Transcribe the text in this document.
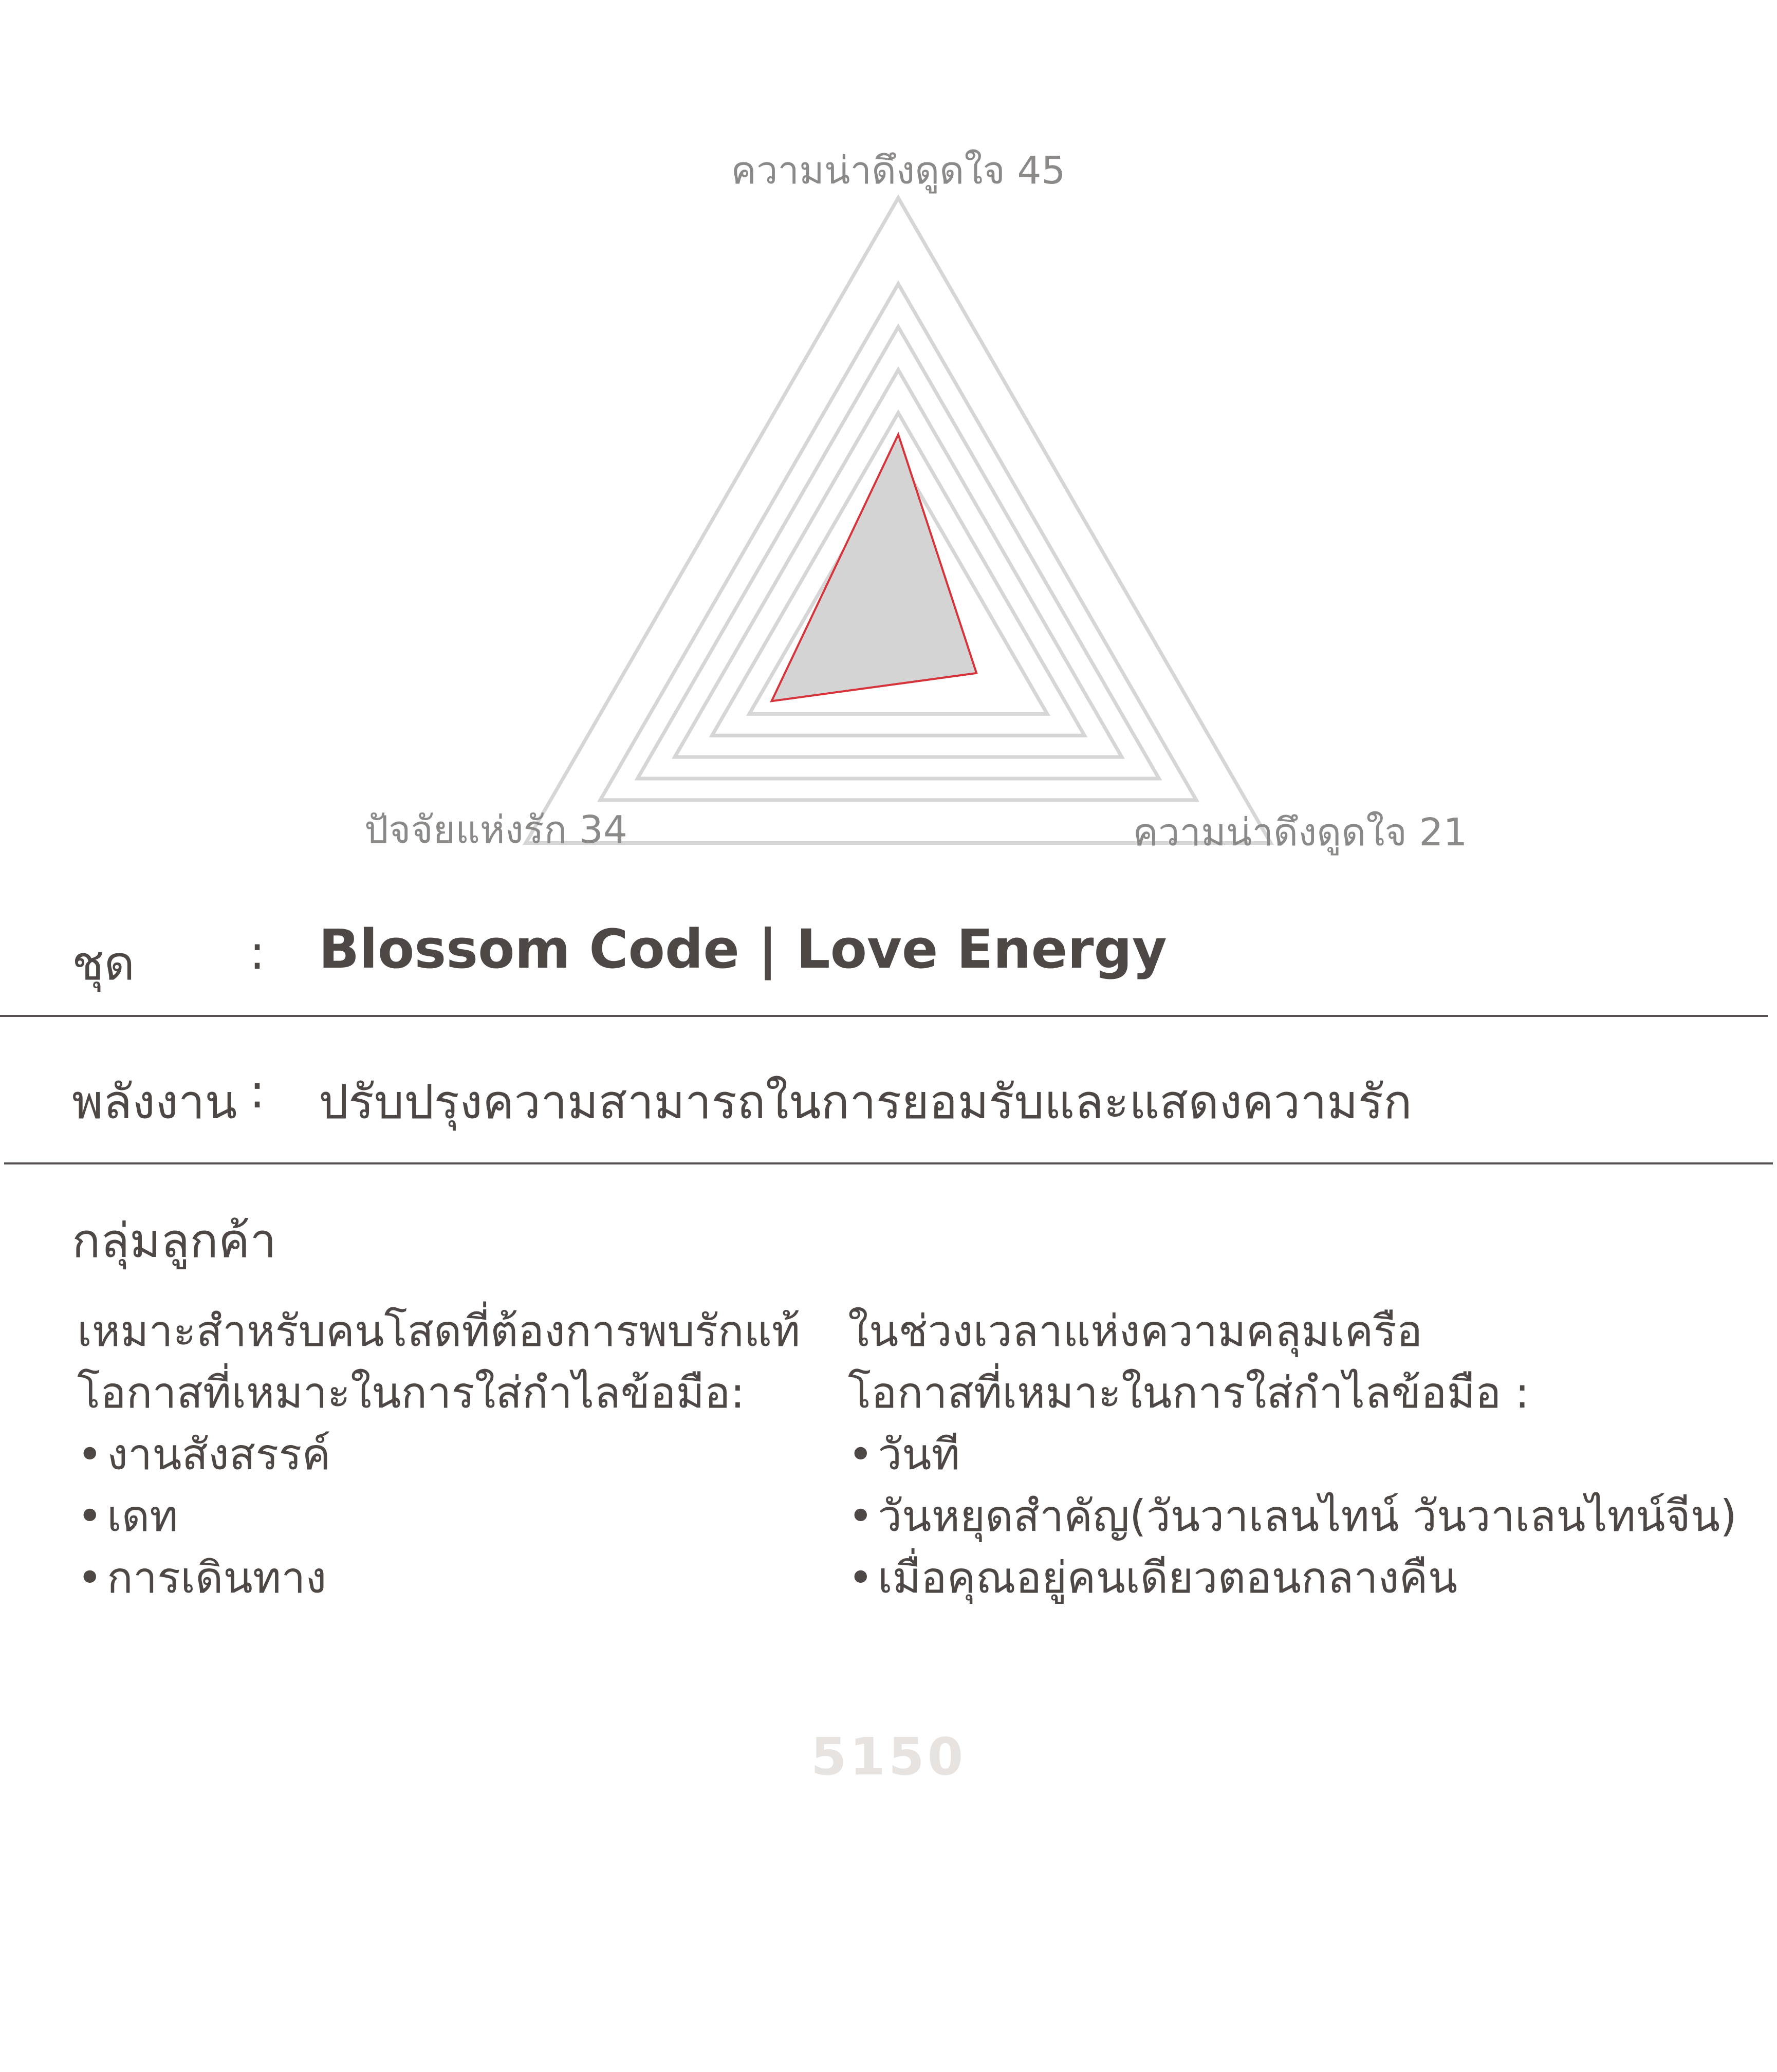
ความน่าดึงดูดใจ 45
ความน่าดึงดูดใจ 21
ปัจจัยแห่งรัก 34
ชุด : Blossom Code | Love Energy
พลังงาน : ปรับปรุงความสามารถในการยอมรับและแสดงความรัก
กลุ่มลูกค้า
เหมาะสำหรับคนโสดที่ต้องการพบรักแท้
โอกาสที่เหมาะในการใส่กำไลข้อมือ:
• งานสังสรรค์
• เดท
• การเดินทาง
ในช่วงเวลาแห่งความคลุมเครือ
โอกาสที่เหมาะในการใส่กำไลข้อมือ :
• วันที
• วันหยุดสำคัญ(วันวาเลนไทน์ วันวาเลนไทน์จีน)
• เมื่อคุณอยู่คนเดียวตอนกลางคืน
5150
